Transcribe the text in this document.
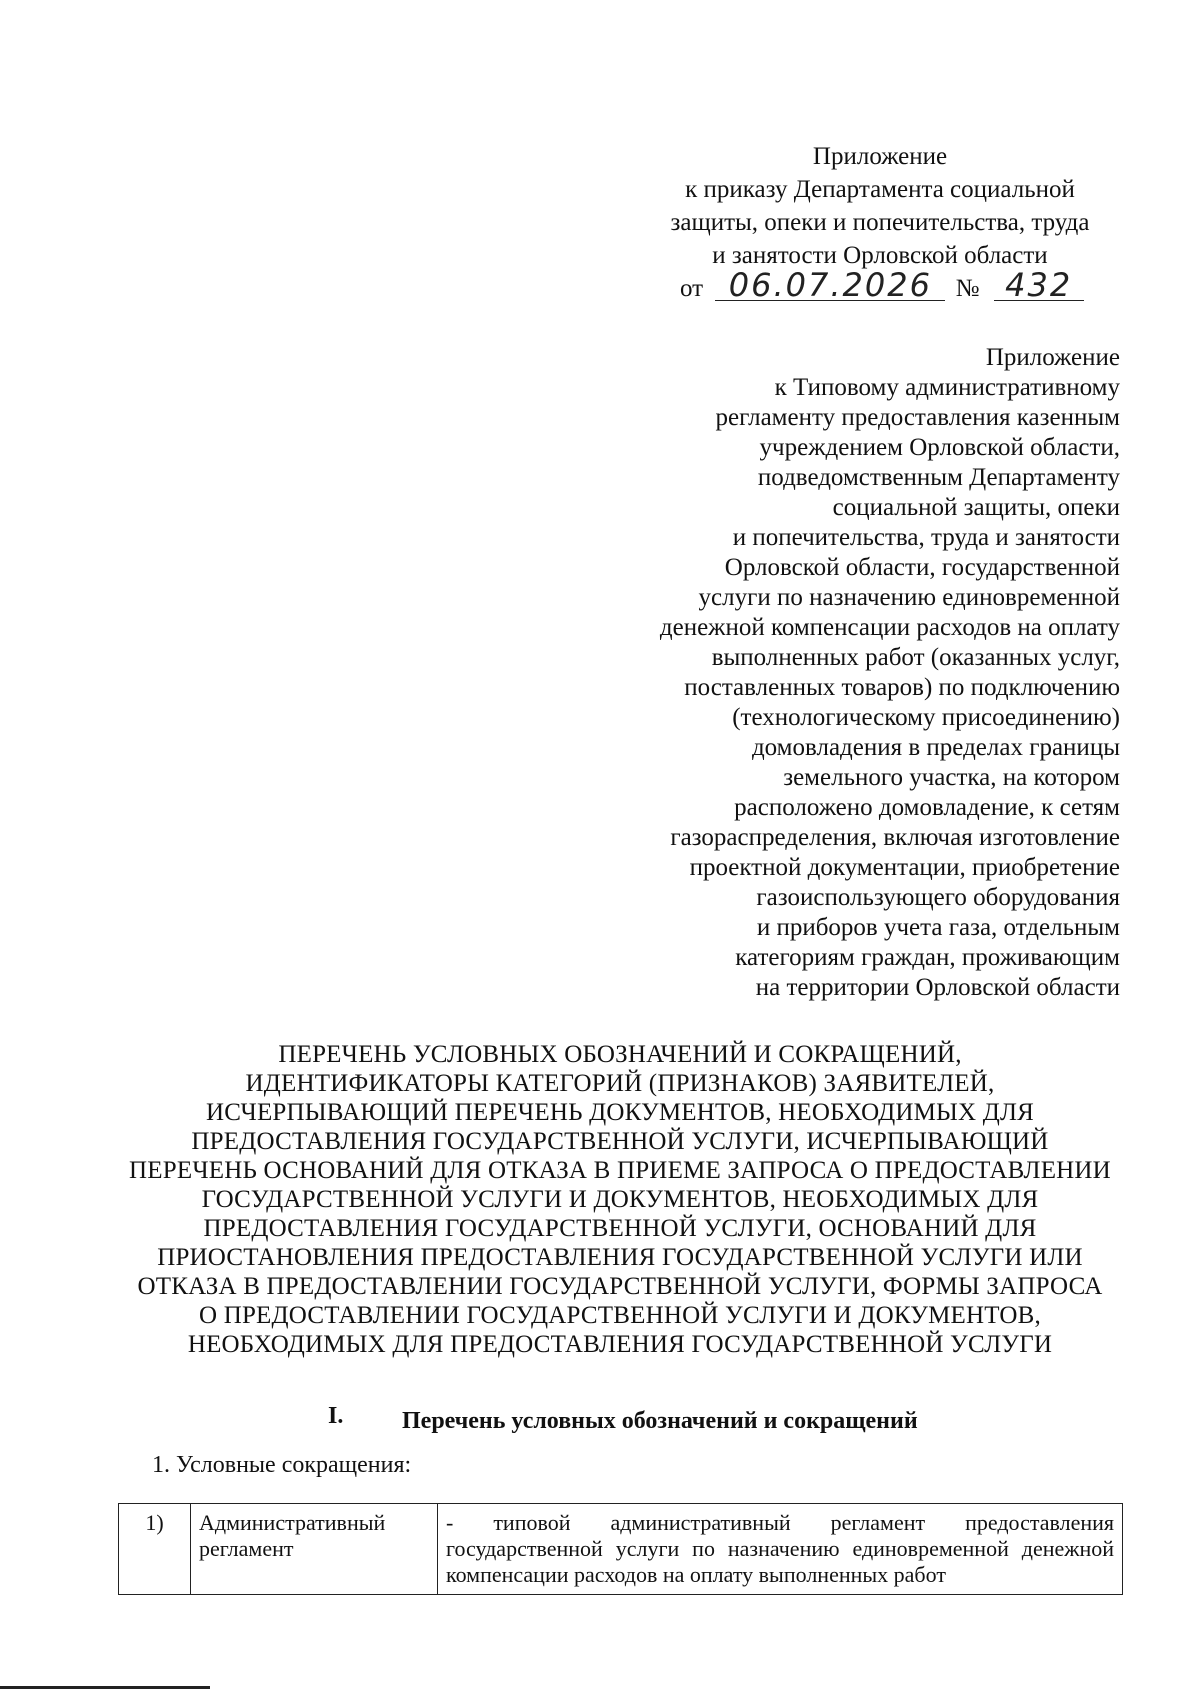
Приложение
к приказу Департамента социальной
защиты, опеки и попечительства, труда
и занятости Орловской области
от 06.07.2026 № 432
Приложение
к Типовому административному
регламенту предоставления казенным
учреждением Орловской области,
подведомственным Департаменту
социальной защиты, опеки
и попечительства, труда и занятости
Орловской области, государственной
услуги по назначению единовременной
денежной компенсации расходов на оплату
выполненных работ (оказанных услуг,
поставленных товаров) по подключению
(технологическому присоединению)
домовладения в пределах границы
земельного участка, на котором
расположено домовладение, к сетям
газораспределения, включая изготовление
проектной документации, приобретение
газоиспользующего оборудования
и приборов учета газа, отдельным
категориям граждан, проживающим
на территории Орловской области
ПЕРЕЧЕНЬ УСЛОВНЫХ ОБОЗНАЧЕНИЙ И СОКРАЩЕНИЙ,
ИДЕНТИФИКАТОРЫ КАТЕГОРИЙ (ПРИЗНАКОВ) ЗАЯВИТЕЛЕЙ,
ИСЧЕРПЫВАЮЩИЙ ПЕРЕЧЕНЬ ДОКУМЕНТОВ, НЕОБХОДИМЫХ ДЛЯ
ПРЕДОСТАВЛЕНИЯ ГОСУДАРСТВЕННОЙ УСЛУГИ, ИСЧЕРПЫВАЮЩИЙ
ПЕРЕЧЕНЬ ОСНОВАНИЙ ДЛЯ ОТКАЗА В ПРИЕМЕ ЗАПРОСА О ПРЕДОСТАВЛЕНИИ
ГОСУДАРСТВЕННОЙ УСЛУГИ И ДОКУМЕНТОВ, НЕОБХОДИМЫХ ДЛЯ
ПРЕДОСТАВЛЕНИЯ ГОСУДАРСТВЕННОЙ УСЛУГИ, ОСНОВАНИЙ ДЛЯ
ПРИОСТАНОВЛЕНИЯ ПРЕДОСТАВЛЕНИЯ ГОСУДАРСТВЕННОЙ УСЛУГИ ИЛИ
ОТКАЗА В ПРЕДОСТАВЛЕНИИ ГОСУДАРСТВЕННОЙ УСЛУГИ, ФОРМЫ ЗАПРОСА
О ПРЕДОСТАВЛЕНИИ ГОСУДАРСТВЕННОЙ УСЛУГИ И ДОКУМЕНТОВ,
НЕОБХОДИМЫХ ДЛЯ ПРЕДОСТАВЛЕНИЯ ГОСУДАРСТВЕННОЙ УСЛУГИ
I. Перечень условных обозначений и сокращений
1. Условные сокращения:
1)	Административный регламент	- типовой административный регламент предоставления государственной услуги по назначению единовременной денежной компенсации расходов на оплату выполненных работ
